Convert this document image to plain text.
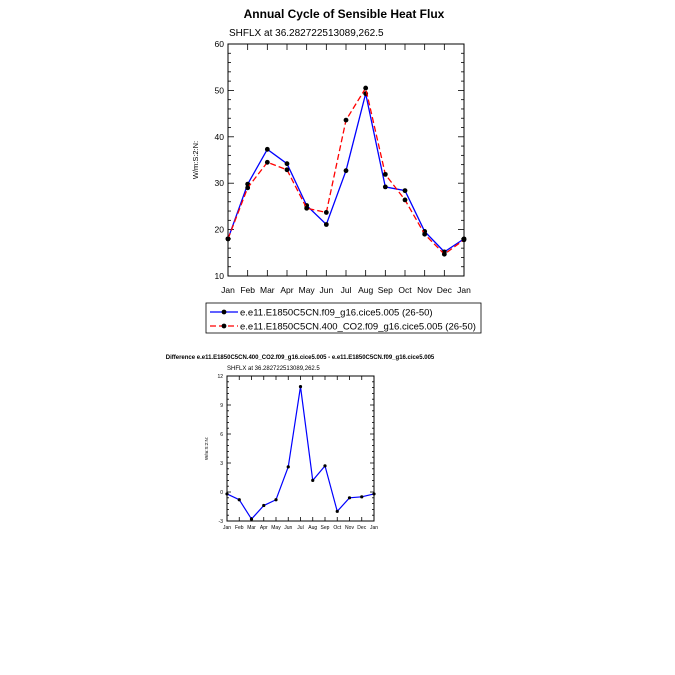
Annual Cycle of Sensible Heat Flux
SHFLX at 36.282722513089,262.5
10
20
30
40
50
60
Jan Feb Mar Apr May Jun Jul Aug Sep Oct Nov Dec Jan
W/m:S:2:N:
Difference e.e11.E1850C5CN.400_CO2.f09_g16.cice5.005 - e.e11.E1850C5CN.f09_g16.cice5.005
SHFLX at 36.282722513089,262.5
-3
0
3
6
9
12
Jan Feb Mar Apr May Jun Jul Aug Sep Oct Nov Dec Jan
W/m:S:2:N:
e.e11.E1850C5CN.f09_g16.cice5.005 (26-50)
e.e11.E1850C5CN.400_CO2.f09_g16.cice5.005 (26-50)
